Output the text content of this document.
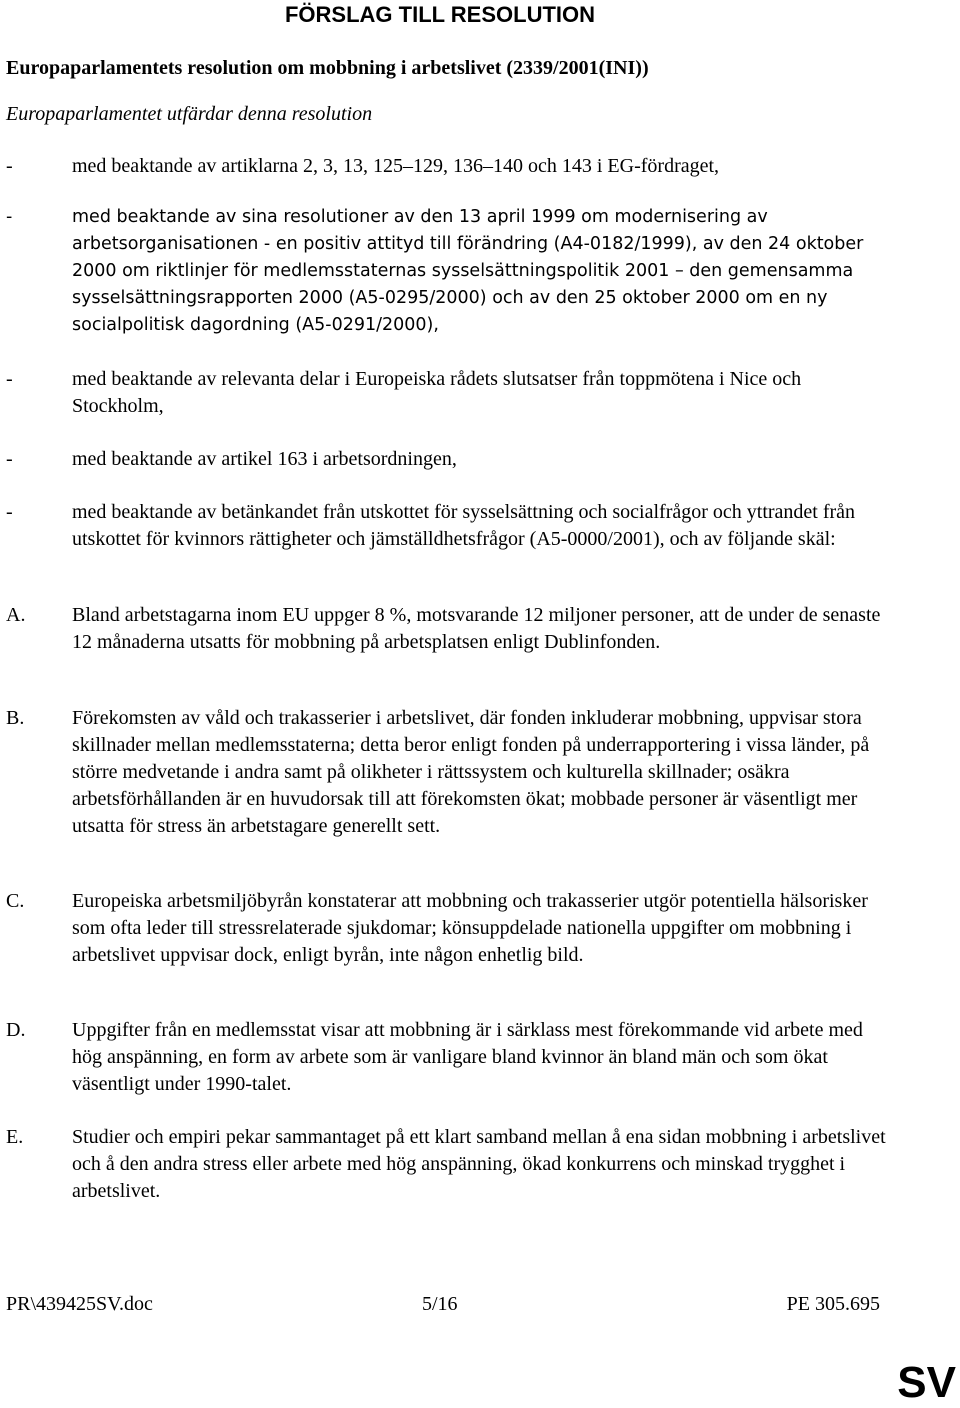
FÖRSLAG TILL RESOLUTION
Europaparlamentets resolution om mobbning i arbetslivet (2339/2001(INI))
Europaparlamentet utfärdar denna resolution
-	med beaktande av artiklarna 2, 3, 13, 125–129, 136–140 och 143 i EG-fördraget,
-	med beaktande av sina resolutioner av den 13 april 1999 om modernisering av arbetsorganisationen - en positiv attityd till förändring (A4-0182/1999), av den 24 oktober 2000 om riktlinjer för medlemsstaternas sysselsättningspolitik 2001 – den gemensamma sysselsättningsrapporten 2000 (A5-0295/2000) och av den 25 oktober 2000 om en ny socialpolitisk dagordning (A5-0291/2000),
-	med beaktande av relevanta delar i Europeiska rådets slutsatser från toppmötena i Nice och Stockholm,
-	med beaktande av artikel 163 i arbetsordningen,
-	med beaktande av betänkandet från utskottet för sysselsättning och socialfrågor och yttrandet från utskottet för kvinnors rättigheter och jämställdhetsfrågor (A5-0000/2001), och av följande skäl:
A.	Bland arbetstagarna inom EU uppger 8 %, motsvarande 12 miljoner personer, att de under de senaste 12 månaderna utsatts för mobbning på arbetsplatsen enligt Dublinfonden.
B.	Förekomsten av våld och trakasserier i arbetslivet, där fonden inkluderar mobbning, uppvisar stora skillnader mellan medlemsstaterna; detta beror enligt fonden på underrapportering i vissa länder, på större medvetande i andra samt på olikheter i rättssystem och kulturella skillnader; osäkra arbetsförhållanden är en huvudorsak till att förekomsten ökat; mobbade personer är väsentligt mer utsatta för stress än arbetstagare generellt sett.
C.	Europeiska arbetsmiljöbyrån konstaterar att mobbning och trakasserier utgör potentiella hälsorisker som ofta leder till stressrelaterade sjukdomar; könsuppdelade nationella uppgifter om mobbning i arbetslivet uppvisar dock, enligt byrån, inte någon enhetlig bild.
D.	Uppgifter från en medlemsstat visar att mobbning är i särklass mest förekommande vid arbete med hög anspänning, en form av arbete som är vanligare bland kvinnor än bland män och som ökat väsentligt under 1990-talet.
E.	Studier och empiri pekar sammantaget på ett klart samband mellan å ena sidan mobbning i arbetslivet och å den andra stress eller arbete med hög anspänning, ökad konkurrens och minskad trygghet i arbetslivet.
PR\439425SV.doc	5/16	PE 305.695
SV
